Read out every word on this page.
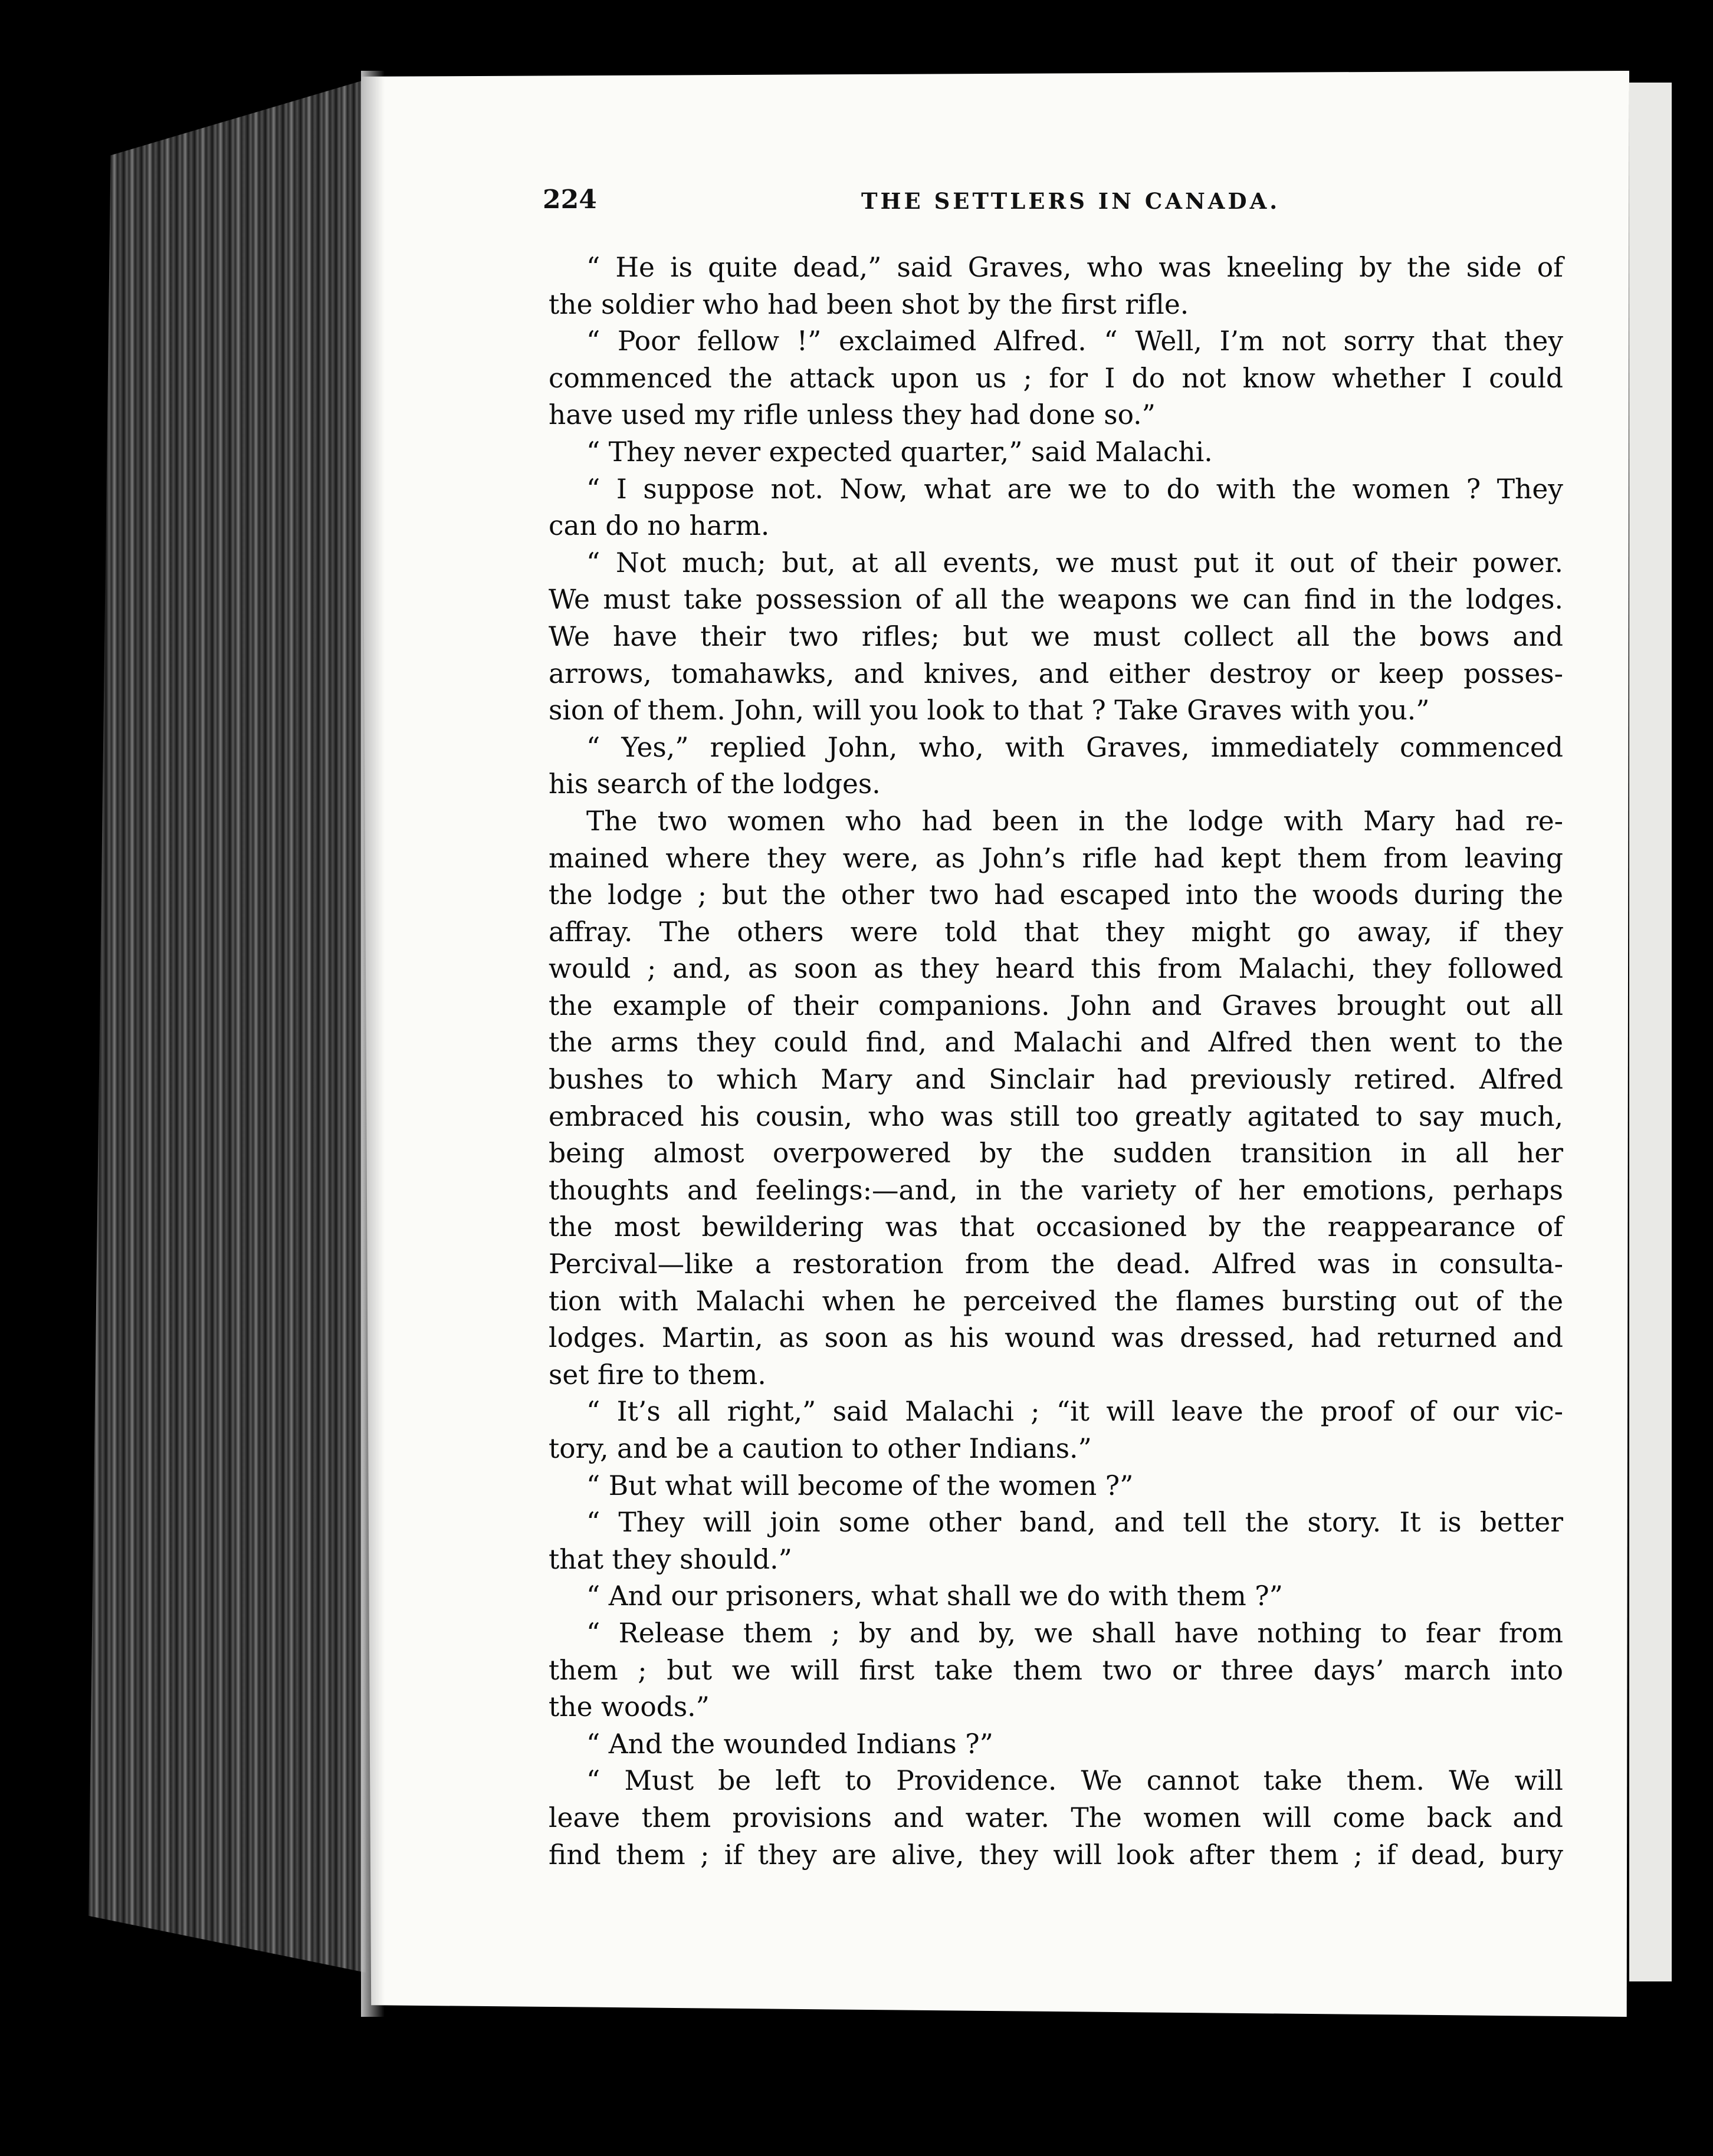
224	THE SETTLERS IN CANADA.
“ He is quite dead,” said Graves, who was kneeling by the side of
the soldier who had been shot by the first rifle.
“ Poor fellow !” exclaimed Alfred. “ Well, I’m not sorry that they
commenced the attack upon us ; for I do not know whether I could
have used my rifle unless they had done so.”
“ They never expected quarter,” said Malachi.
“ I suppose not. Now, what are we to do with the women ? They
can do no harm.
“ Not much; but, at all events, we must put it out of their power.
We must take possession of all the weapons we can find in the lodges.
We have their two rifles; but we must collect all the bows and
arrows, tomahawks, and knives, and either destroy or keep posses-
sion of them. John, will you look to that ? Take Graves with you.”
“ Yes,” replied John, who, with Graves, immediately commenced
his search of the lodges.
The two women who had been in the lodge with Mary had re-
mained where they were, as John’s rifle had kept them from leaving
the lodge ; but the other two had escaped into the woods during the
affray. The others were told that they might go away, if they
would ; and, as soon as they heard this from Malachi, they followed
the example of their companions. John and Graves brought out all
the arms they could find, and Malachi and Alfred then went to the
bushes to which Mary and Sinclair had previously retired. Alfred
embraced his cousin, who was still too greatly agitated to say much,
being almost overpowered by the sudden transition in all her
thoughts and feelings:—and, in the variety of her emotions, perhaps
the most bewildering was that occasioned by the reappearance of
Percival—like a restoration from the dead. Alfred was in consulta-
tion with Malachi when he perceived the flames bursting out of the
lodges. Martin, as soon as his wound was dressed, had returned and
set fire to them.
“ It’s all right,” said Malachi ; “it will leave the proof of our vic-
tory, and be a caution to other Indians.”
“ But what will become of the women ?”
“ They will join some other band, and tell the story. It is better
that they should.”
“ And our prisoners, what shall we do with them ?”
“ Release them ; by and by, we shall have nothing to fear from
them ; but we will first take them two or three days’ march into
the woods.”
“ And the wounded Indians ?”
“ Must be left to Providence. We cannot take them. We will
leave them provisions and water. The women will come back and
find them ; if they are alive, they will look after them ; if dead, bury
